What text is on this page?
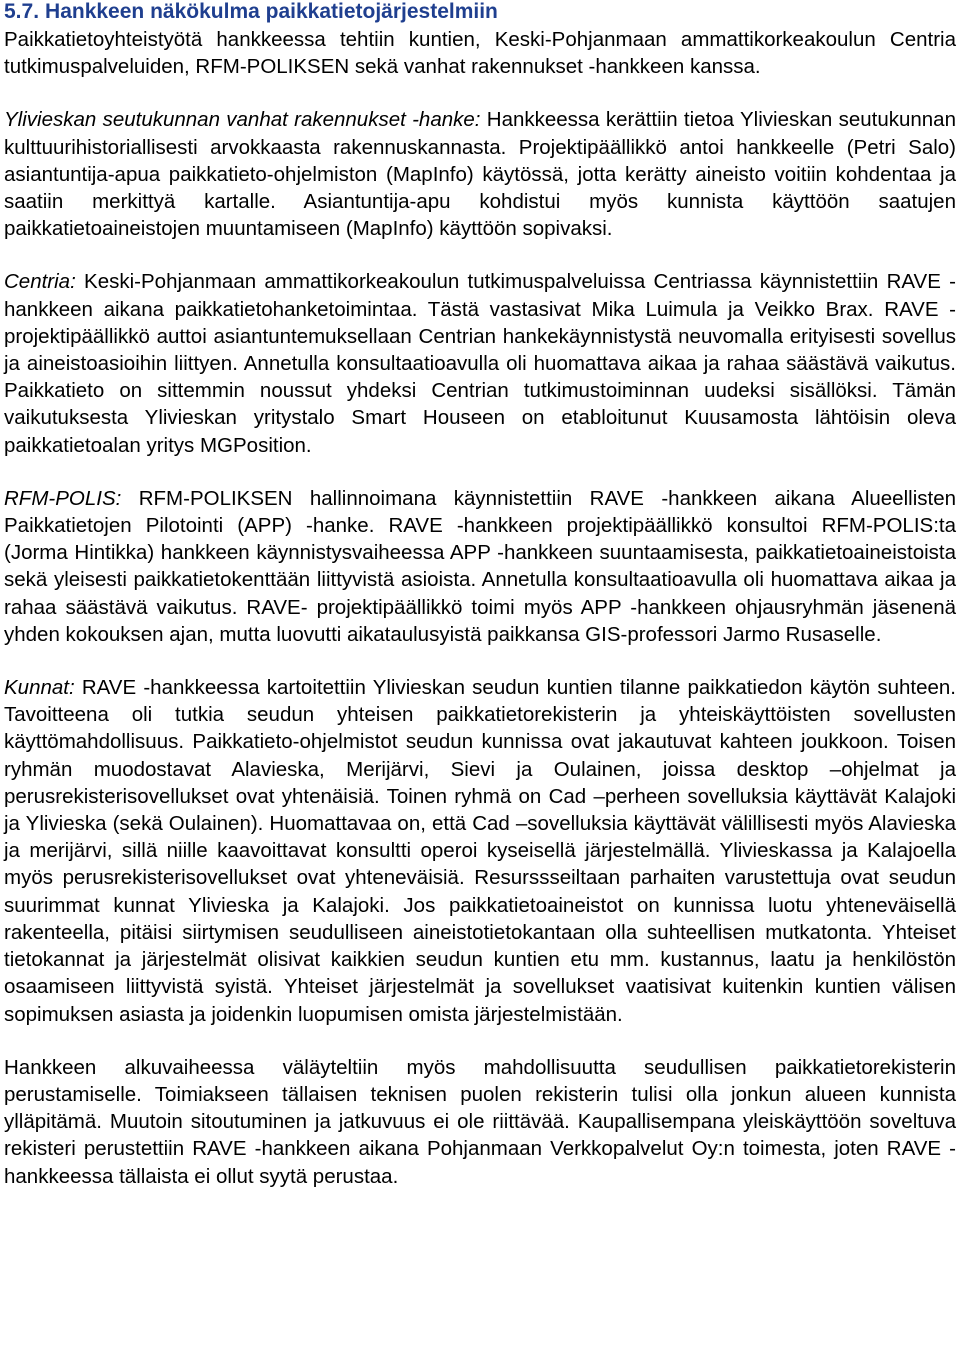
5.7. Hankkeen näkökulma paikkatietojärjestelmiin

Paikkatietoyhteistyötä hankkeessa tehtiin kuntien, Keski-Pohjanmaan ammattikorkeakoulun Centria tutkimuspalveluiden, RFM-POLIKSEN sekä vanhat rakennukset -hankkeen kanssa.

Ylivieskan seutukunnan vanhat rakennukset -hanke: Hankkeessa kerättiin tietoa Ylivieskan seutukunnan kulttuurihistoriallisesti arvokkaasta rakennuskannasta. Projektipäällikkö antoi hankkeelle (Petri Salo) asiantuntija-apua paikkatieto-ohjelmiston (MapInfo) käytössä, jotta kerätty aineisto voitiin kohdentaa ja saatiin merkittyä kartalle. Asiantuntija-apu kohdistui myös kunnista käyttöön saatujen paikkatietoaineistojen muuntamiseen (MapInfo) käyttöön sopivaksi.

Centria: Keski-Pohjanmaan ammattikorkeakoulun tutkimuspalveluissa Centriassa käynnistettiin RAVE -hankkeen aikana paikkatietohanketoimintaa. Tästä vastasivat Mika Luimula ja Veikko Brax. RAVE -projektipäällikkö auttoi asiantuntemuksellaan Centrian hankekäynnistystä neuvomalla erityisesti sovellus ja aineistoasioihin liittyen. Annetulla konsultaatioavulla oli huomattava aikaa ja rahaa säästävä vaikutus. Paikkatieto on sittemmin noussut yhdeksi Centrian tutkimustoiminnan uudeksi sisällöksi. Tämän vaikutuksesta Ylivieskan yritystalo Smart Houseen on etabloitunut Kuusamosta lähtöisin oleva paikkatietoalan yritys MGPosition.

RFM-POLIS: RFM-POLIKSEN hallinnoimana käynnistettiin RAVE -hankkeen aikana Alueellisten Paikkatietojen Pilotointi (APP) -hanke. RAVE -hankkeen projektipäällikkö konsultoi RFM-POLIS:ta (Jorma Hintikka) hankkeen käynnistysvaiheessa APP -hankkeen suuntaamisesta, paikkatietoaineistoista sekä yleisesti paikkatietokenttään liittyvistä asioista. Annetulla konsultaatioavulla oli huomattava aikaa ja rahaa säästävä vaikutus. RAVE- projektipäällikkö toimi myös APP -hankkeen ohjausryhmän jäsenenä yhden kokouksen ajan, mutta luovutti aikataulusyistä paikkansa GIS-professori Jarmo Rusaselle.

Kunnat: RAVE -hankkeessa kartoitettiin Ylivieskan seudun kuntien tilanne paikkatiedon käytön suhteen. Tavoitteena oli tutkia seudun yhteisen paikkatietorekisterin ja yhteiskäyttöisten sovellusten käyttömahdollisuus. Paikkatieto-ohjelmistot seudun kunnissa ovat jakautuvat kahteen joukkoon. Toisen ryhmän muodostavat Alavieska, Merijärvi, Sievi ja Oulainen, joissa desktop –ohjelmat ja perusrekisterisovellukset ovat yhtenäisiä. Toinen ryhmä on Cad –perheen sovelluksia käyttävät Kalajoki ja Ylivieska (sekä Oulainen). Huomattavaa on, että Cad –sovelluksia käyttävät välillisesti myös Alavieska ja merijärvi, sillä niille kaavoittavat konsultti operoi kyseisellä järjestelmällä. Ylivieskassa ja Kalajoella myös perusrekisterisovellukset ovat yhteneväisiä. Resurssseiltaan parhaiten varustettuja ovat seudun suurimmat kunnat Ylivieska ja Kalajoki. Jos paikkatietoaineistot on kunnissa luotu yhteneväisellä rakenteella, pitäisi siirtymisen seudulliseen aineistotietokantaan olla suhteellisen mutkatonta. Yhteiset tietokannat ja järjestelmät olisivat kaikkien seudun kuntien etu mm. kustannus, laatu ja henkilöstön osaamiseen liittyvistä syistä. Yhteiset järjestelmät ja sovellukset vaatisivat kuitenkin kuntien välisen sopimuksen asiasta ja joidenkin luopumisen omista järjestelmistään.

Hankkeen alkuvaiheessa väläyteltiin myös mahdollisuutta seudullisen paikkatietorekisterin perustamiselle. Toimiakseen tällaisen teknisen puolen rekisterin tulisi olla jonkun alueen kunnista ylläpitämä. Muutoin sitoutuminen ja jatkuvuus ei ole riittävää. Kaupallisempana yleiskäyttöön soveltuva rekisteri perustettiin RAVE -hankkeen aikana Pohjanmaan Verkkopalvelut Oy:n toimesta, joten RAVE -hankkeessa tällaista ei ollut syytä perustaa.
